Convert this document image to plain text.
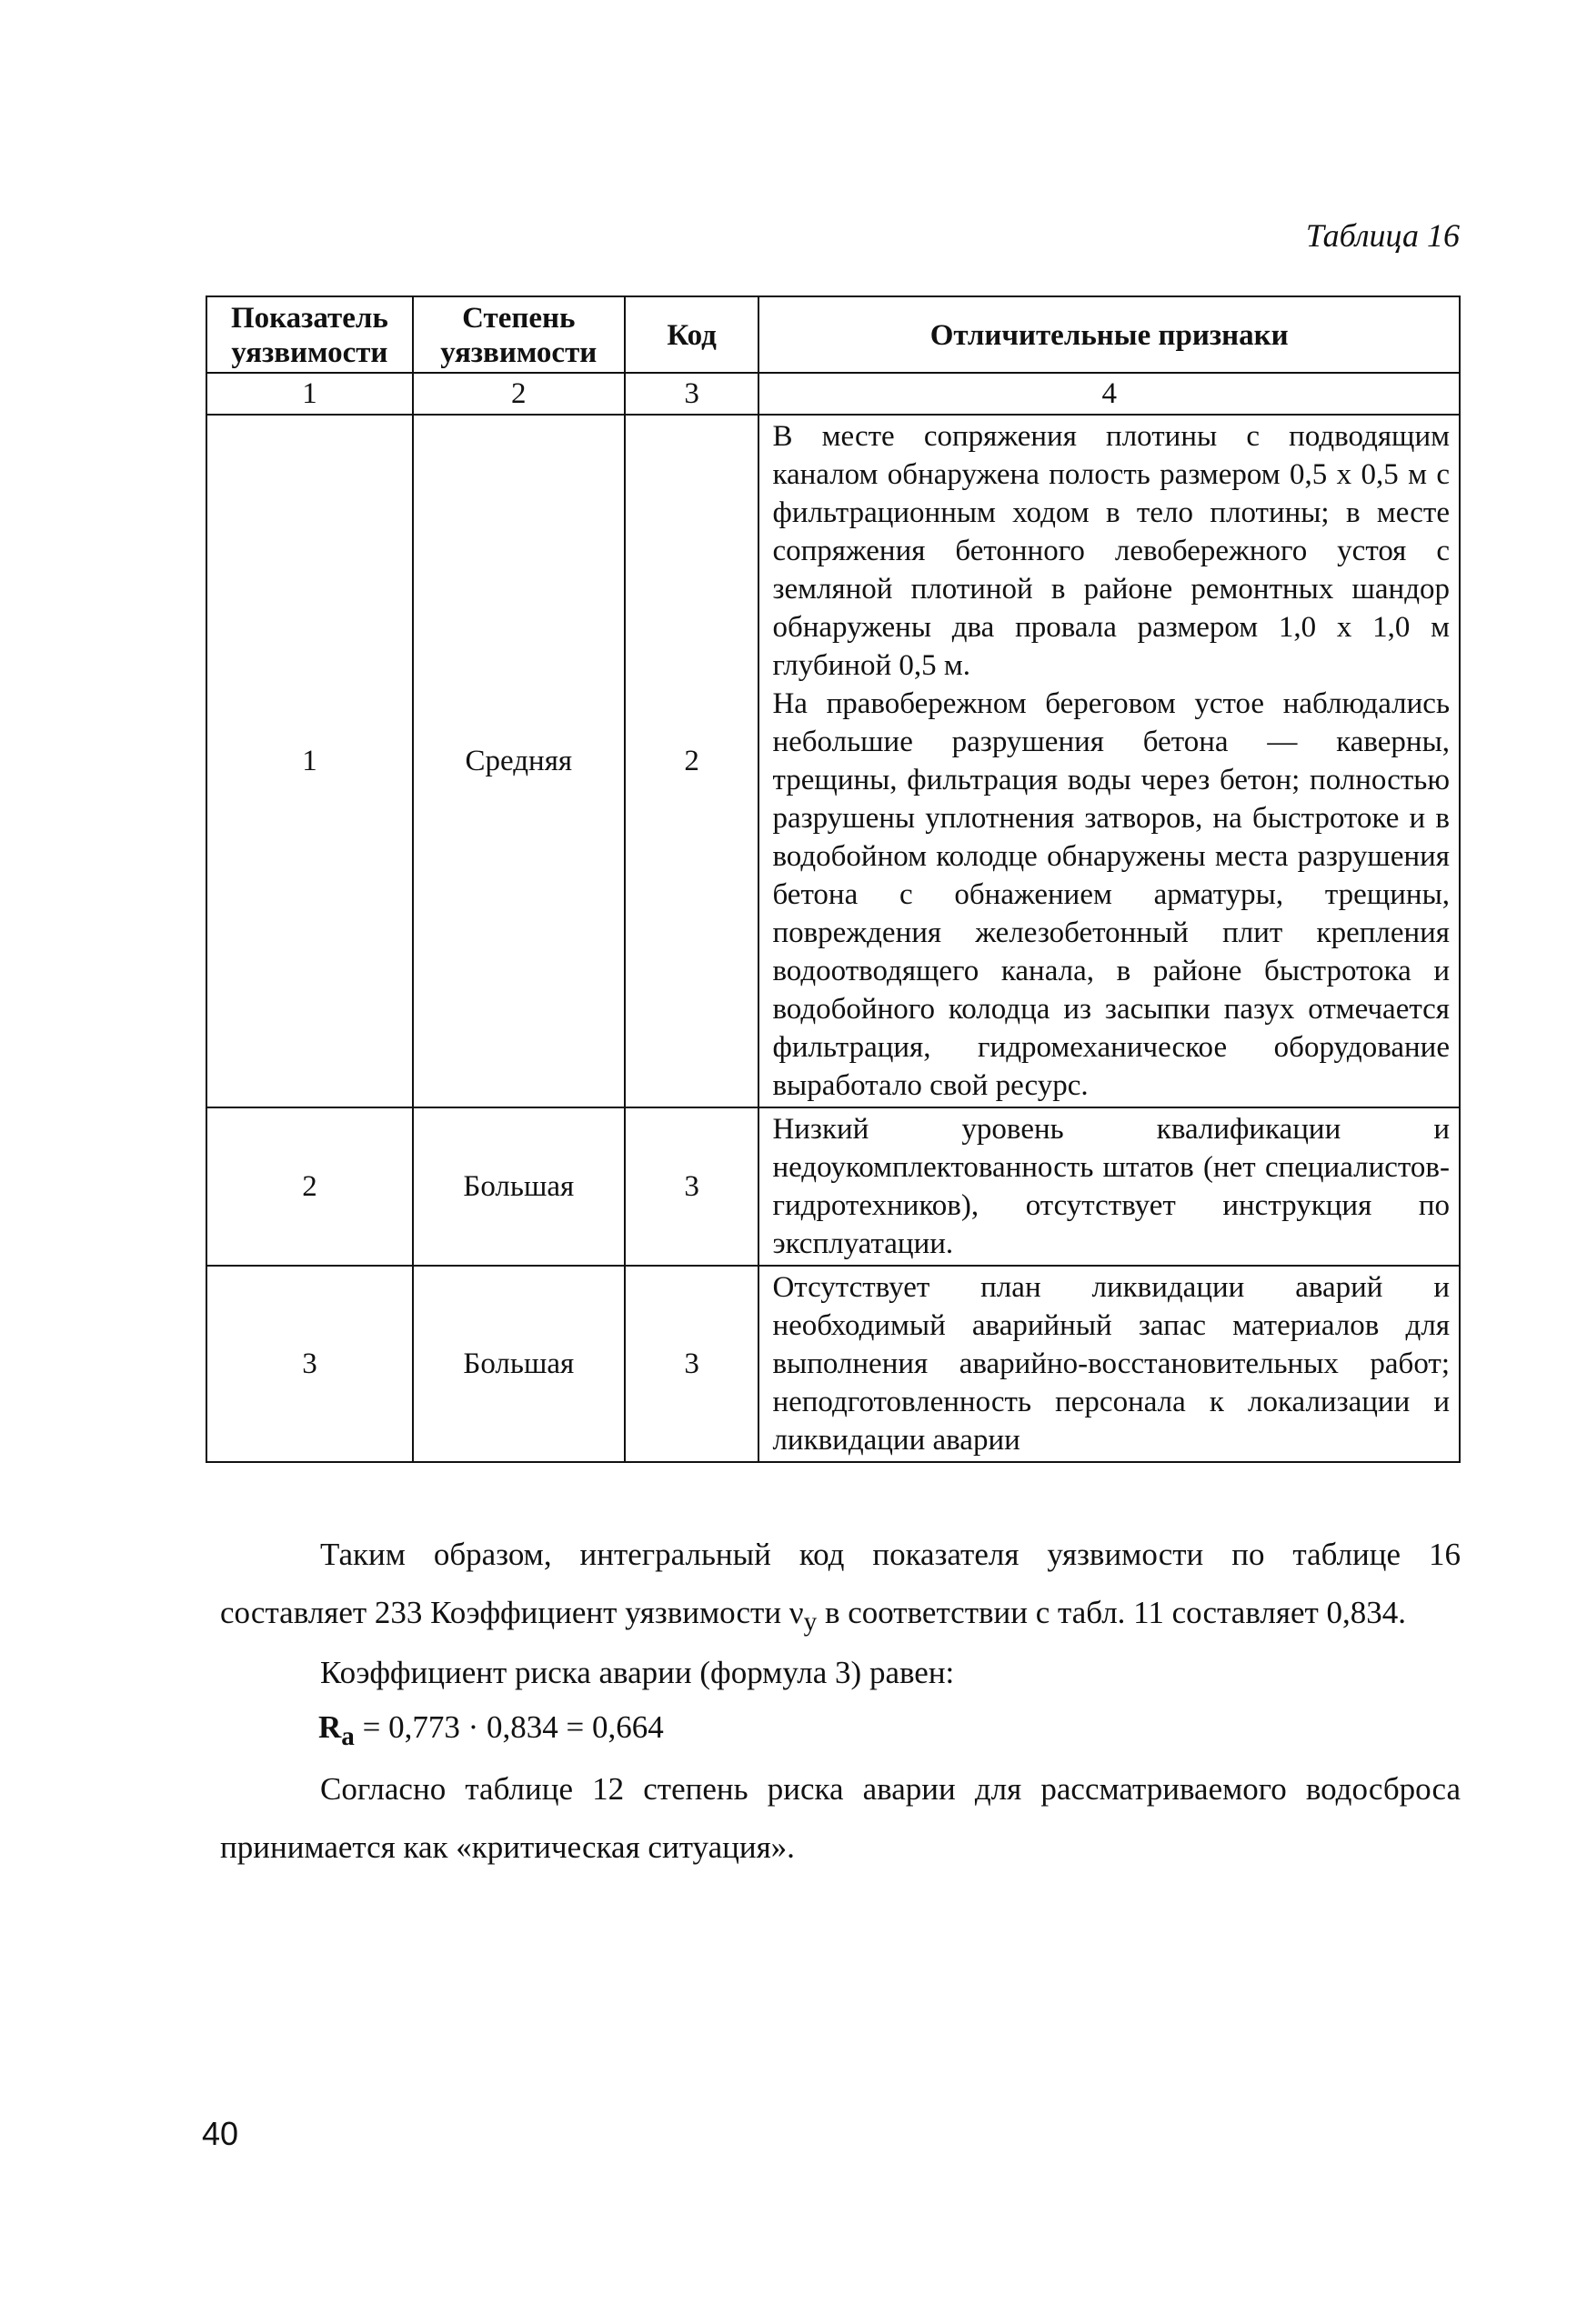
Таблица 16
Показатель уязвимости	Степень уязвимости	Код	Отличительные признаки
1	2	3	4
1	Средняя	2	В месте сопряжения плотины с подводящим каналом обнаружена полость размером 0,5 x 0,5 м с фильтрационным ходом в тело плотины; в месте сопряжения бетонного левобережного устоя с земляной плотиной в районе ремонтных шандор обнаружены два провала размером 1,0 x 1,0 м глубиной 0,5 м.

На правобережном береговом устое наблюдались небольшие разрушения бетона — каверны, трещины, фильтрация воды через бетон; полностью разрушены уплотнения затворов, на быстротоке и в водобойном колодце обнаружены места разрушения бетона с обнажением арматуры, трещины, повреждения железобетонный плит крепления водоотводящего канала, в районе быстротока и водобойного колодца из засыпки пазух отмечается фильтрация, гидромеханическое оборудование выработало свой ресурс.

2	Большая	3	Низкий уровень квалификации и недоукомплектованность штатов (нет специалистов-гидротехников), отсутствует инструкция по эксплуатации.

3	Большая	3	Отсутствует план ликвидации аварий и необходимый аварийный запас материалов для выполнения аварийно-восстановительных работ; неподготовленность персонала к локализации и ликвидации аварии

Таким образом, интегральный код показателя уязвимости по таблице 16
составляет 233 Коэффициент уязвимости $\nu_у$ в соответствии с табл. 11 составляет 0,834.
Коэффициент риска аварии (формула 3) равен:
$R_a = 0,773 \cdot 0,834 = 0,664$
Согласно таблице 12 степень риска аварии для рассматриваемого водосброса
принимается как «критическая ситуация».
40
